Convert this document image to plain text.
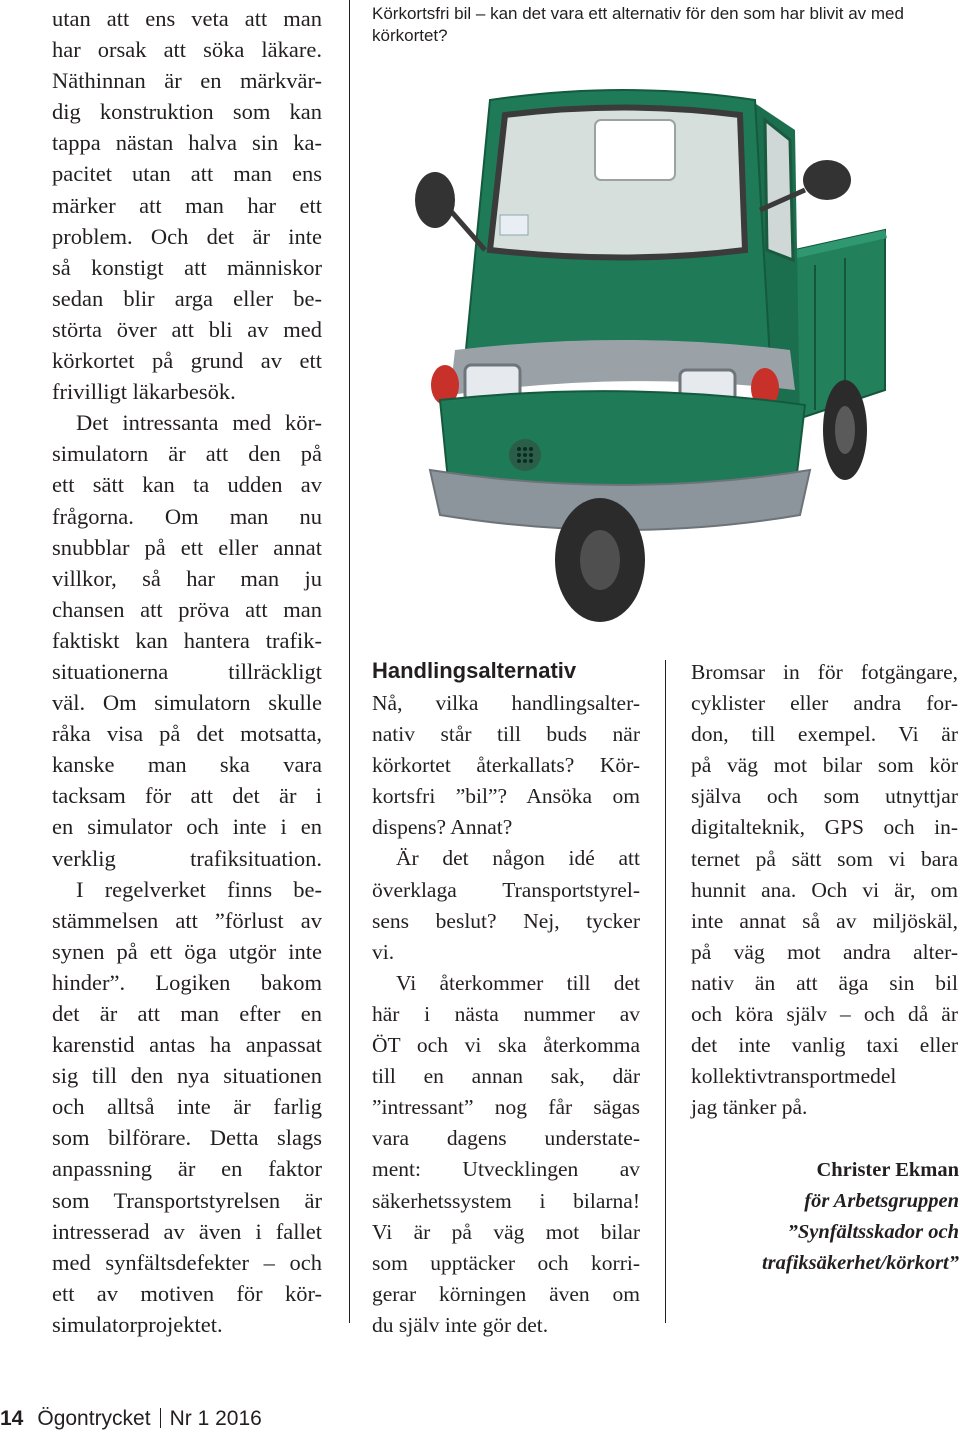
utan att ens veta att man
har orsak att söka läkare.
Näthinnan är en märkvär-
dig konstruktion som kan
tappa nästan halva sin ka-
pacitet utan att man ens
märker att man har ett
problem. Och det är inte
så konstigt att människor
sedan blir arga eller be-
störta över att bli av med
körkortet på grund av ett
frivilligt läkarbesök.
Det intressanta med kör-
simulatorn är att den på
ett sätt kan ta udden av
frågorna. Om man nu
snubblar på ett eller annat
villkor, så har man ju
chansen att pröva att man
faktiskt kan hantera trafik-
situationerna tillräckligt
väl. Om simulatorn skulle
råka visa på det motsatta,
kanske man ska vara
tacksam för att det är i
en simulator och inte i en
verklig trafiksituation.
I regelverket finns be-
stämmelsen att ”förlust av
synen på ett öga utgör inte
hinder”. Logiken bakom
det är att man efter en
karenstid antas ha anpassat
sig till den nya situationen
och alltså inte är farlig
som bilförare. Detta slags
anpassning är en faktor
som Transportstyrelsen är
intresserad av även i fallet
med synfältsdefekter – och
ett av motiven för kör-
simulatorprojektet.
Körkortsfri bil – kan det vara ett alternativ för den som har blivit av med körkortet?
Handlingsalternativ
Nå, vilka handlingsalter-
nativ står till buds när
körkortet återkallats? Kör-
kortsfri ”bil”? Ansöka om
dispens? Annat?
Är det någon idé att
överklaga Transportstyrel-
sens beslut? Nej, tycker
vi.
Vi återkommer till det
här i nästa nummer av
ÖT och vi ska återkomma
till en annan sak, där
”intressant” nog får sägas
vara dagens understate-
ment: Utvecklingen av
säkerhetssystem i bilarna!
Vi är på väg mot bilar
som upptäcker och korri-
gerar körningen även om
du själv inte gör det.
Bromsar in för fotgängare,
cyklister eller andra for-
don, till exempel. Vi är
på väg mot bilar som kör
själva och som utnyttjar
digitalteknik, GPS och in-
ternet på sätt som vi bara
hunnit ana. Och vi är, om
inte annat så av miljöskäl,
på väg mot andra alter-
nativ än att äga sin bil
och köra själv – och då är
det inte vanlig taxi eller
kollektivtransportmedel
jag tänker på.
Christer Ekman
för Arbetsgruppen
”Synfältsskador och
trafiksäkerhet/körkort”
14 Ögontrycket Nr 1 2016
